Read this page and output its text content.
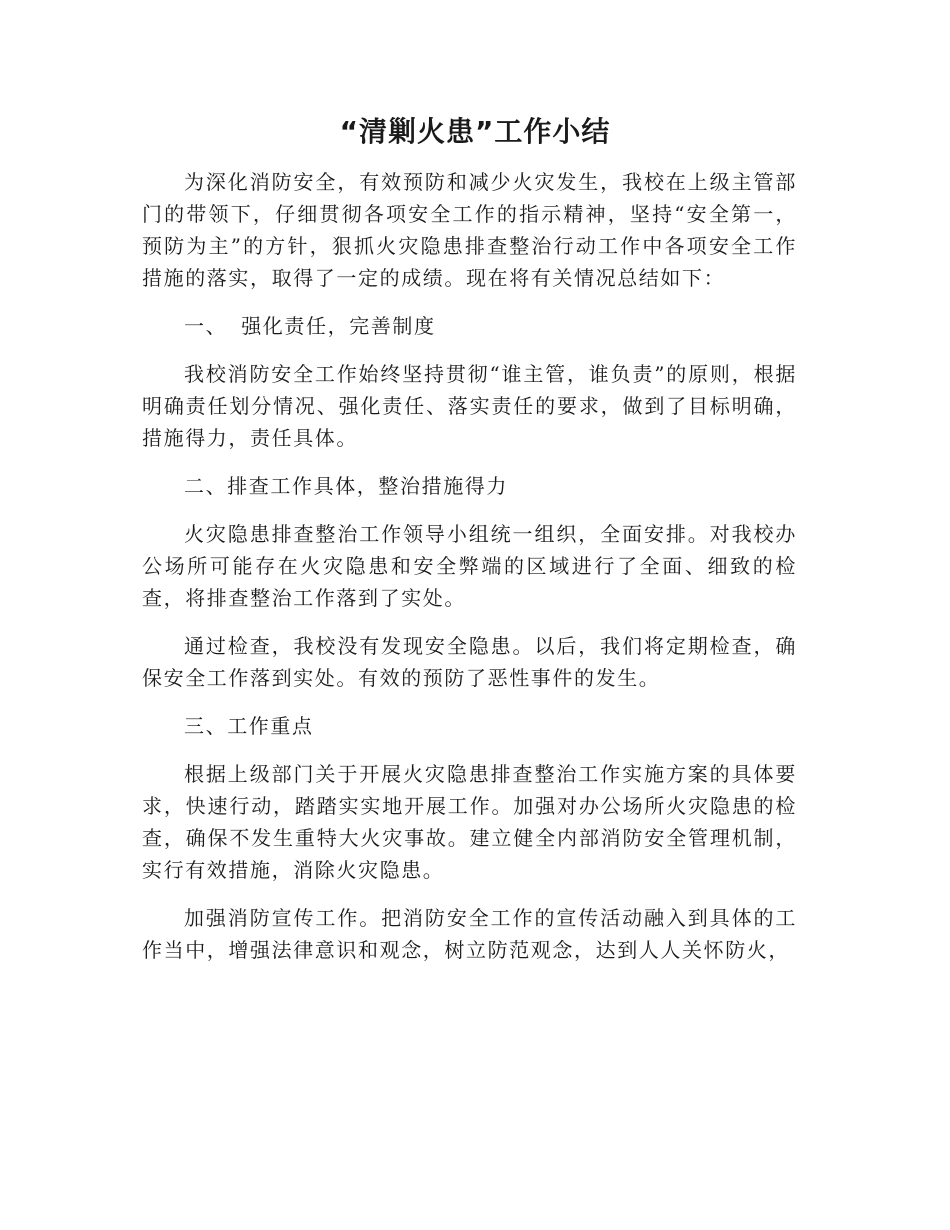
“清剿火患”工作小结

为深化消防安全，有效预防和减少火灾发生，我校在上级主管部门的带领下，仔细贯彻各项安全工作的指示精神，坚持“安全第一，预防为主”的方针，狠抓火灾隐患排查整治行动工作中各项安全工作措施的落实，取得了一定的成绩。现在将有关情况总结如下：

一、 强化责任，完善制度

我校消防安全工作始终坚持贯彻“谁主管，谁负责”的原则，根据明确责任划分情况、强化责任、落实责任的要求，做到了目标明确，措施得力，责任具体。

二、排查工作具体，整治措施得力

火灾隐患排查整治工作领导小组统一组织，全面安排。对我校办公场所可能存在火灾隐患和安全弊端的区域进行了全面、细致的检查，将排查整治工作落到了实处。

通过检查，我校没有发现安全隐患。以后，我们将定期检查，确保安全工作落到实处。有效的预防了恶性事件的发生。

三、工作重点

根据上级部门关于开展火灾隐患排查整治工作实施方案的具体要求，快速行动，踏踏实实地开展工作。加强对办公场所火灾隐患的检查，确保不发生重特大火灾事故。建立健全内部消防安全管理机制，实行有效措施，消除火灾隐患。

加强消防宣传工作。把消防安全工作的宣传活动融入到具体的工作当中，增强法律意识和观念，树立防范观念，达到人人关怀防火，
